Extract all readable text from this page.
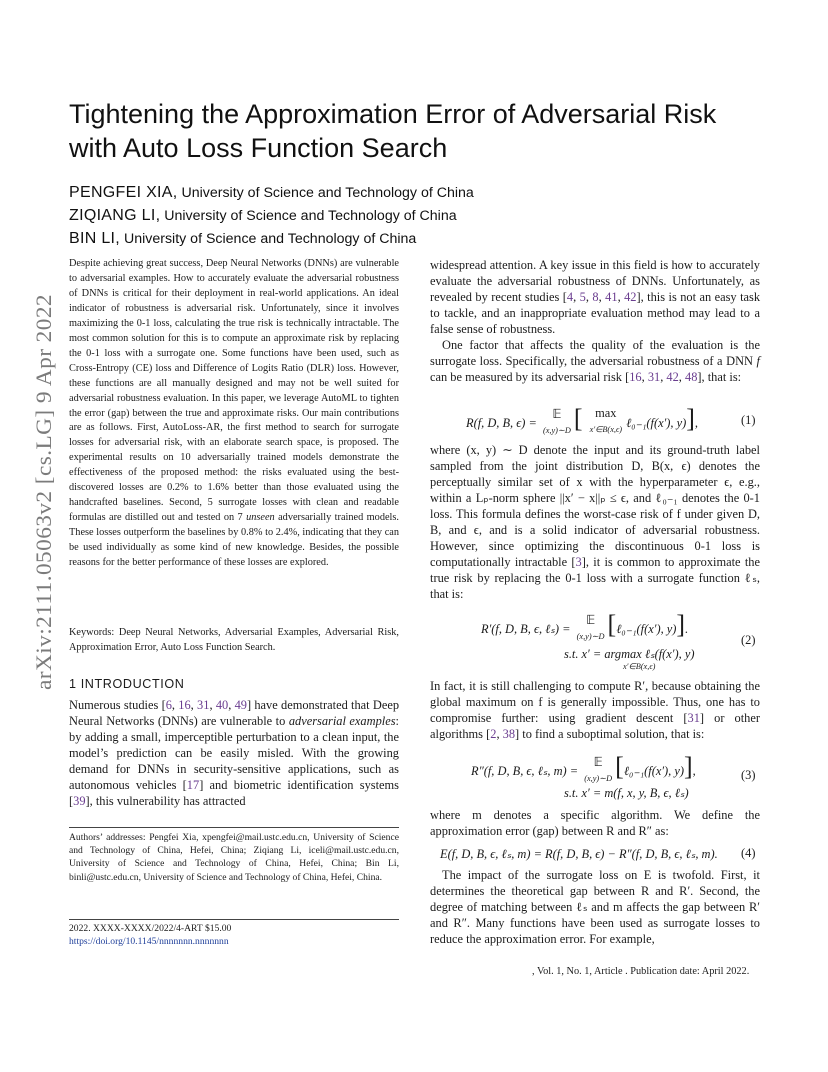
arXiv:2111.05063v2 [cs.LG] 9 Apr 2022
Tightening the Approximation Error of Adversarial Risk
with Auto Loss Function Search
PENGFEI XIA, University of Science and Technology of China
ZIQIANG LI, University of Science and Technology of China
BIN LI, University of Science and Technology of China

Despite achieving great success, Deep Neural Networks (DNNs) are vulnerable to adversarial examples. How to accurately evaluate the adversarial robustness of DNNs is critical for their deployment in real-world applications. An ideal indicator of robustness is adversarial risk. Unfortunately, since it involves maximizing the 0-1 loss, calculating the true risk is technically intractable. The most common solution for this is to compute an approximate risk by replacing the 0-1 loss with a surrogate one. Some functions have been used, such as Cross-Entropy (CE) loss and Difference of Logits Ratio (DLR) loss. However, these functions are all manually designed and may not be well suited for adversarial robustness evaluation. In this paper, we leverage AutoML to tighten the error (gap) between the true and approximate risks. Our main contributions are as follows. First, AutoLoss-AR, the first method to search for surrogate losses for adversarial risk, with an elaborate search space, is proposed. The experimental results on 10 adversarially trained models demonstrate the effectiveness of the proposed method: the risks evaluated using the best-discovered losses are 0.2% to 1.6% better than those evaluated using the handcrafted baselines. Second, 5 surrogate losses with clean and readable formulas are distilled out and tested on 7 unseen adversarially trained models. These losses outperform the baselines by 0.8% to 2.4%, indicating that they can be used individually as some kind of new knowledge. Besides, the possible reasons for the better performance of these losses are explored.

Keywords: Deep Neural Networks, Adversarial Examples, Adversarial Risk, Approximation Error, Auto Loss Function Search.

1 INTRODUCTION

Numerous studies [6, 16, 31, 40, 49] have demonstrated that Deep Neural Networks (DNNs) are vulnerable to adversarial examples: by adding a small, imperceptible perturbation to a clean input, the model’s prediction can be easily misled. With the growing demand for DNNs in security-sensitive applications, such as autonomous vehicles [17] and biometric identification systems [39], this vulnerability has attracted

Authors’ addresses: Pengfei Xia, xpengfei@mail.ustc.edu.cn, University of Science and Technology of China, Hefei, China; Ziqiang Li, iceli@mail.ustc.edu.cn, University of Science and Technology of China, Hefei, China; Bin Li, binli@ustc.edu.cn, University of Science and Technology of China, Hefei, China.
2022. XXXX-XXXX/2022/4-ART $15.00
https://doi.org/10.1145/nnnnnnn.nnnnnnn

widespread attention. A key issue in this field is how to accurately evaluate the adversarial robustness of DNNs. Unfortunately, as revealed by recent studies [4, 5, 8, 41, 42], this is not an easy task to tackle, and an inappropriate evaluation method may lead to a false sense of robustness.

One factor that affects the quality of the evaluation is the surrogate loss. Specifically, the adversarial robustness of a DNN f can be measured by its adversarial risk [16, 31, 42, 48], that is:

R(f, D, B, ϵ) = 𝔼
(x,y)∼D [ max
x′∈B(x,ϵ) ℓ₀₋₁(f(x′), y)],	(1)

where (x, y) ∼ D denote the input and its ground-truth label sampled from the joint distribution D, B(x, ϵ) denotes the perceptually similar set of x with the hyperparameter ϵ, e.g., within a Lₚ-norm sphere ||x′ − x||ₚ ≤ ϵ, and ℓ₀₋₁ denotes the 0-1 loss. This formula defines the worst-case risk of f under given D, B, and ϵ, and is a solid indicator of adversarial robustness. However, since optimizing the discontinuous 0-1 loss is computationally intractable [3], it is common to approximate the true risk by replacing the 0-1 loss with a surrogate function ℓₛ, that is:

R′(f, D, B, ϵ, ℓₛ) = 𝔼
(x,y)∼D [ℓ₀₋₁(f(x′), y)].
s.t. x′ = argmax ℓₛ(f(x′), y)
x′∈B(x,ϵ)
(2)

In fact, it is still challenging to compute R′, because obtaining the global maximum on f is generally impossible. Thus, one has to compromise further: using gradient descent [31] or other algorithms [2, 38] to find a suboptimal solution, that is:

R″(f, D, B, ϵ, ℓₛ, m) = 𝔼
(x,y)∼D [ℓ₀₋₁(f(x′), y)],
s.t. x′ = m(f, x, y, B, ϵ, ℓₛ)
(3)

where m denotes a specific algorithm. We define the approximation error (gap) between R and R″ as:

E(f, D, B, ϵ, ℓₛ, m) = R(f, D, B, ϵ) − R″(f, D, B, ϵ, ℓₛ, m). (4)

The impact of the surrogate loss on E is twofold. First, it determines the theoretical gap between R and R′. Second, the degree of matching between ℓₛ and m affects the gap between R′ and R″. Many functions have been used as surrogate losses to reduce the approximation error. For example,

, Vol. 1, No. 1, Article . Publication date: April 2022.
